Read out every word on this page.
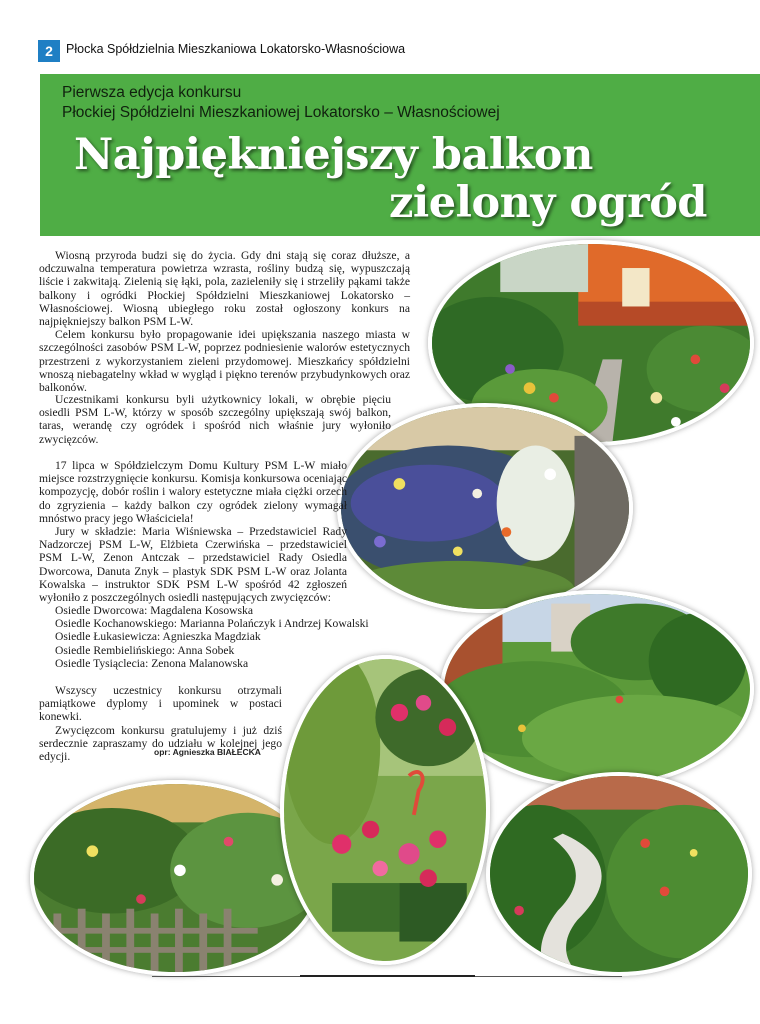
2	Płocka Spółdzielnia Mieszkaniowa Lokatorsko-Własnościowa
Pierwsza edycja konkursu
Płockiej Spółdzielni Mieszkaniowej Lokatorsko – Własnościowej
Najpiękniejszy balkon
zielony ogród

Wiosną przyroda budzi się do życia. Gdy dni stają się coraz dłuższe, a odczuwalna temperatura powietrza wzrasta, rośliny budzą się, wypuszczają liście i zakwitają. Zielenią się łąki, pola, zazieleniły się i strzeliły pąkami także balkony i ogródki Płockiej Spółdzielni Mieszkaniowej Lokatorsko – Własnościowej. Wiosną ubiegłego roku został ogłoszony konkurs na najpiękniejszy balkon PSM L-W.

Celem konkursu było propagowanie idei upiększania naszego miasta w szczególności zasobów PSM L-W, poprzez podniesienie walorów estetycznych przestrzeni z wykorzystaniem zieleni przydomowej. Mieszkańcy spółdzielni wnoszą niebagatelny wkład w wygląd i piękno terenów przybudynkowych oraz balkonów.

Uczestnikami konkursu byli użytkownicy lokali, w obrębie pięciu osiedli PSM L-W, którzy w sposób szczególny upiększają swój balkon, taras, werandę czy ogródek i spośród nich właśnie jury wyłoniło zwycięzców.

17 lipca w Spółdzielczym Domu Kultury PSM L-W miało miejsce rozstrzygnięcie konkursu. Komisja konkursowa oceniając kompozycję, dobór roślin i walory estetyczne miała ciężki orzech do zgryzienia – każdy balkon czy ogródek zielony wymagał mnóstwo pracy jego Właściciela!

Jury w składzie: Maria Wiśniewska – Przedstawiciel Rady Nadzorczej PSM L-W, Elżbieta Czerwińska – przedstawiciel PSM L-W, Zenon Antczak – przedstawiciel Rady Osiedla Dworcowa, Danuta Znyk – plastyk SDK PSM L-W oraz Jolanta Kowalska – instruktor SDK PSM L-W spośród 42 zgłoszeń wyłoniło z poszczególnych osiedli następujących zwycięzców:

Osiedle Dworcowa: Magdalena Kosowska
Osiedle Kochanowskiego: Marianna Polańczyk i Andrzej Kowalski
Osiedle Łukasiewicza: Agnieszka Magdziak
Osiedle Rembielińskiego: Anna Sobek
Osiedle Tysiąclecia: Zenona Malanowska

Wszyscy uczestnicy konkursu otrzymali pamiątkowe dyplomy i upominek w postaci konewki.

Zwycięzcom konkursu gratulujemy i już dziś serdecznie zapraszamy do udziału w kolejnej jego edycji.	opr: Agnieszka BIAŁECKA
